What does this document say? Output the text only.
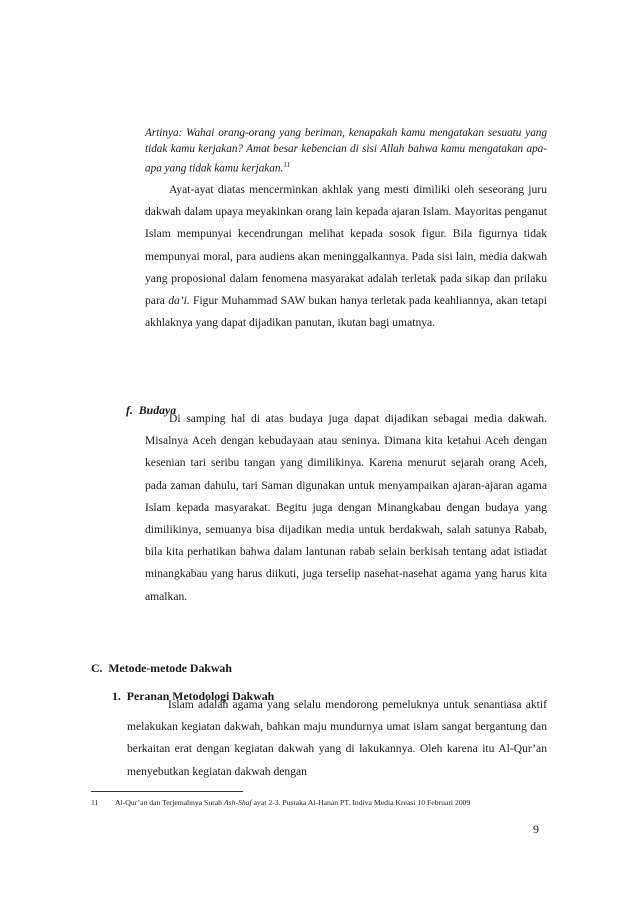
Artinya: Wahai orang-orang yang beriman, kenapakah kamu mengatakan sesuatu yang tidak kamu kerjakan? Amat besar kebencian di sisi Allah bahwa kamu mengatakan apa-apa yang tidak kamu kerjakan.$^{11}$
Ayat-ayat diatas mencerminkan akhlak yang mesti dimiliki oleh seseorang juru dakwah dalam upaya meyakinkan orang lain kepada ajaran Islam. Mayoritas penganut Islam mempunyai kecendrungan melihat kepada sosok figur. Bila figurnya tidak mempunyai moral, para audiens akan meninggalkannya. Pada sisi lain, media dakwah yang proposional dalam fenomena masyarakat adalah terletak pada sikap dan prilaku para da’i. Figur Muhammad SAW bukan hanya terletak pada keahliannya, akan tetapi akhlaknya yang dapat dijadikan panutan, ikutan bagi umatnya.
f. Budaya
Di samping hal di atas budaya juga dapat dijadikan sebagai media dakwah. Misalnya Aceh dengan kebudayaan atau seninya. Dimana kita ketahui Aceh dengan kesenian tari seribu tangan yang dimilikinya. Karena menurut sejarah orang Aceh, pada zaman dahulu, tari Saman digunakan untuk menyampaikan ajaran-ajaran agama Islam kepada masyarakat. Begitu juga dengan Minangkabau dengan budaya yang dimilikinya, semuanya bisa dijadikan media untuk berdakwah, salah satunya Rabab, bila kita perhatikan bahwa dalam lantunan rabab selain berkisah tentang adat istiadat minangkabau yang harus diikuti, juga terselip nasehat-nasehat agama yang harus kita amalkan.
C. Metode-metode Dakwah
1. Peranan Metodologi Dakwah
Islam adalah agama yang selalu mendorong pemeluknya untuk senantiasa aktif melakukan kegiatan dakwah, bahkan maju mundurnya umat islam sangat bergantung dan berkaitan erat dengan kegiatan dakwah yang di lakukannya. Oleh karena itu Al-Qur’an menyebutkan kegiatan dakwah dengan
11 Al-Qur’an dan Terjemahnya Surah Ash-Shaf ayat 2-3. Pustaka Al-Hanan PT. Indiva Media Kreasi 10 Februari 2009
9
